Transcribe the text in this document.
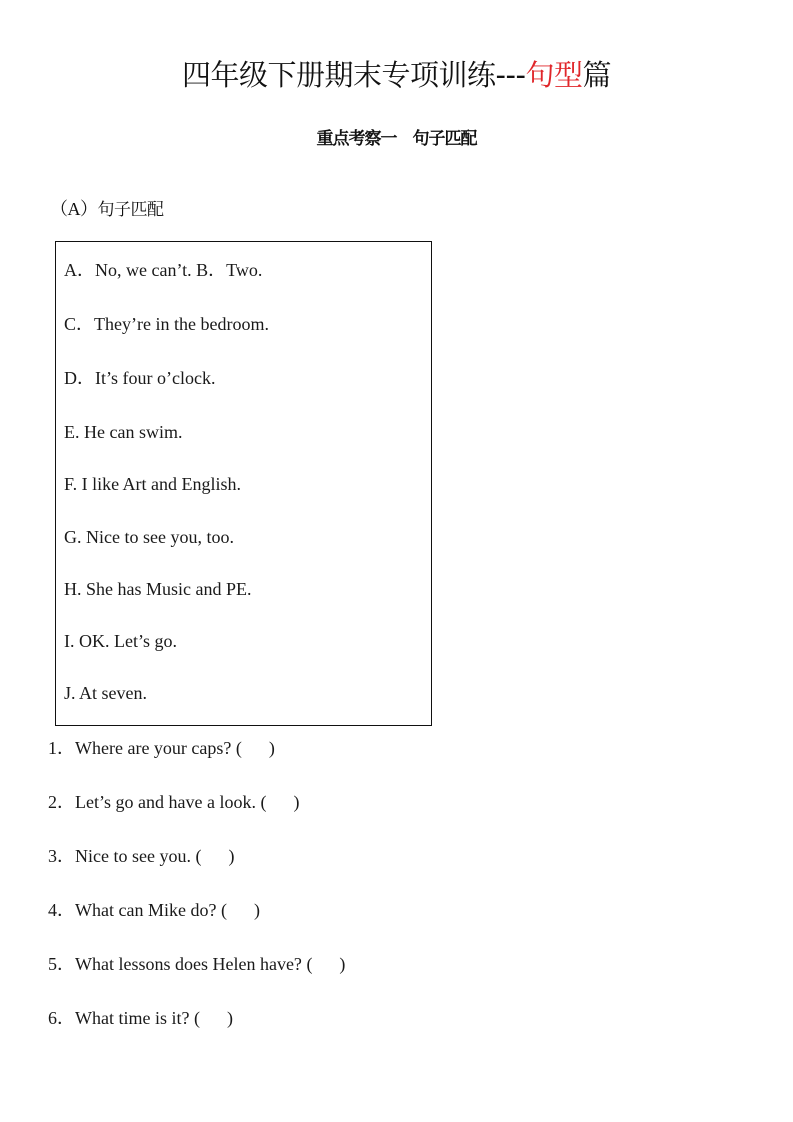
四年级下册期末专项训练---句型篇
重点考察一 句子匹配
（A）句子匹配
A．No, we can’t. B．Two.
C．They’re in the bedroom.
D．It’s four o’clock.
E. He can swim.
F. I like Art and English.
G. Nice to see you, too.
H. She has Music and PE.
I. OK. Let’s go.
J. At seven.
1．Where are your caps? (      )
2．Let’s go and have a look. (      )
3．Nice to see you. (      )
4．What can Mike do? (      )
5．What lessons does Helen have? (      )
6．What time is it? (      )
